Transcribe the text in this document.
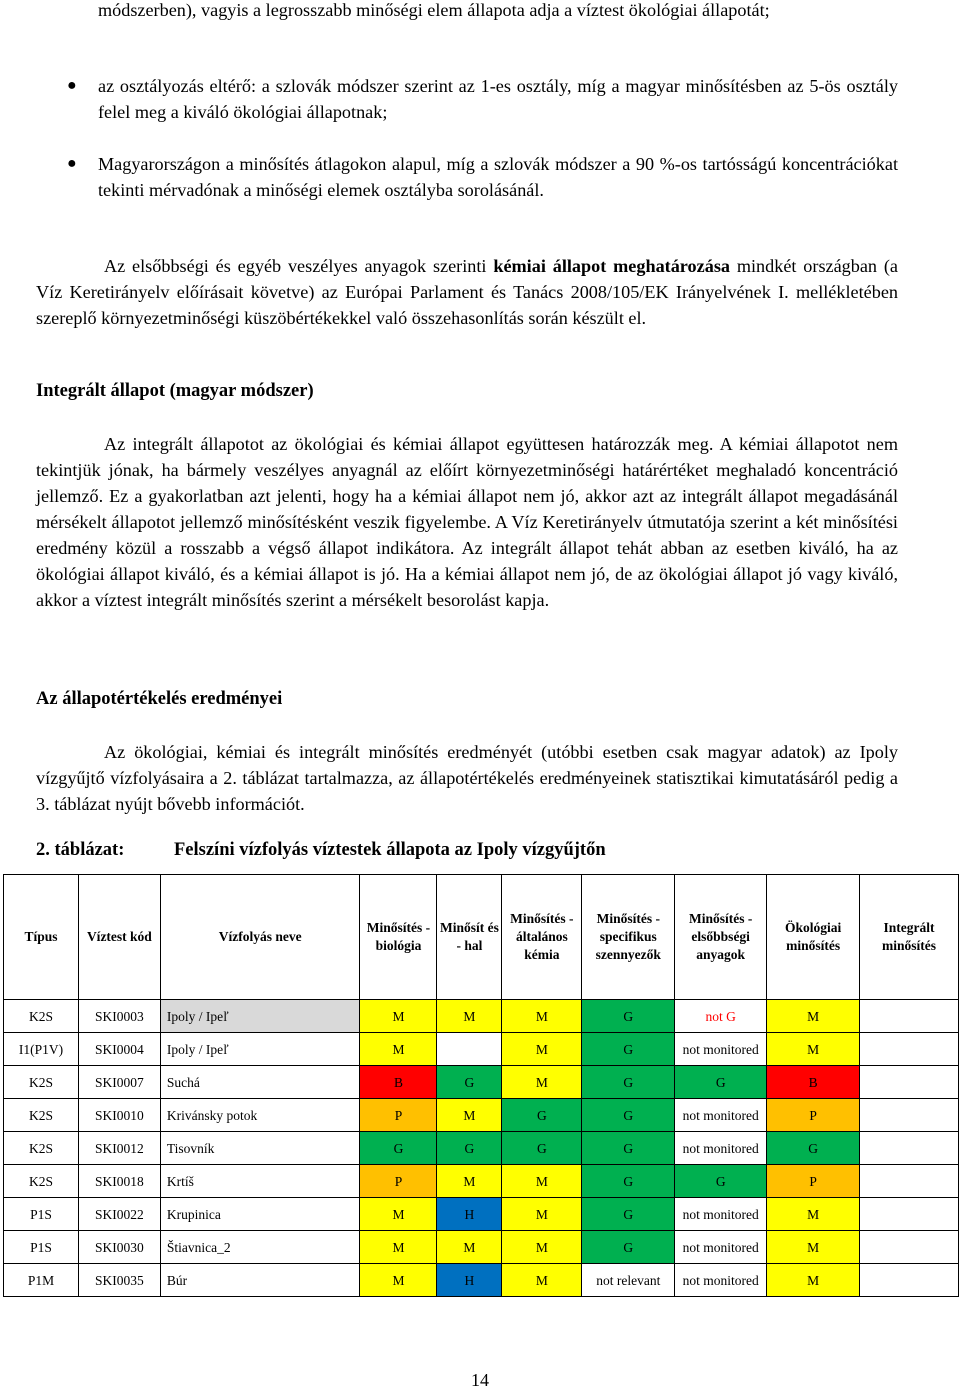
módszerben), vagyis a legrosszabb minőségi elem állapota adja a víztest ökológiai állapotát;

● az osztályozás eltérő: a szlovák módszer szerint az 1-es osztály, míg a magyar minősítésben az 5-ös osztály felel meg a kiváló ökológiai állapotnak;
● Magyarországon a minősítés átlagokon alapul, míg a szlovák módszer a 90 %-os tartósságú koncentrációkat tekinti mérvadónak a minőségi elemek osztályba sorolásánál.

Az elsőbbségi és egyéb veszélyes anyagok szerinti kémiai állapot meghatározása mindkét országban (a Víz Keretirányelv előírásait követve) az Európai Parlament és Tanács 2008/105/EK Irányelvének I. mellékletében szereplő környezetminőségi küszöbértékekkel való összehasonlítás során készült el.

Integrált állapot (magyar módszer)

Az integrált állapotot az ökológiai és kémiai állapot együttesen határozzák meg. A kémiai állapotot nem tekintjük jónak, ha bármely veszélyes anyagnál az előírt környezetminőségi határértéket meghaladó koncentráció jellemző. Ez a gyakorlatban azt jelenti, hogy ha a kémiai állapot nem jó, akkor azt az integrált állapot megadásánál mérsékelt állapotot jellemző minősítésként veszik figyelembe. A Víz Keretirányelv útmutatója szerint a két minősítési eredmény közül a rosszabb a végső állapot indikátora. Az integrált állapot tehát abban az esetben kiváló, ha az ökológiai állapot kiváló, és a kémiai állapot is jó. Ha a kémiai állapot nem jó, de az ökológiai állapot jó vagy kiváló, akkor a víztest integrált minősítés szerint a mérsékelt besorolást kapja.

Az állapotértékelés eredményei

Az ökológiai, kémiai és integrált minősítés eredményét (utóbbi esetben csak magyar adatok) az Ipoly vízgyűjtő vízfolyásaira a 2. táblázat tartalmazza, az állapotértékelés eredményeinek statisztikai kimutatásáról pedig a 3. táblázat nyújt bővebb információt.

2. táblázat:	Felszíni vízfolyás víztestek állapota az Ipoly vízgyűjtőn
Típus	Víztest kód	Vízfolyás neve	Minősítés - biológia	Minősít és - hal	Minősítés - általános kémia	Minősítés - specifikus szennyezők	Minősítés - elsőbbségi anyagok	Ökológiai minősítés	Integrált minősítés
K2S	SKI0003	Ipoly / Ipeľ	M	M	M	G	not G	M	
I1(P1V)	SKI0004	Ipoly / Ipeľ	M		M	G	not monitored	M	
K2S	SKI0007	Suchá	B	G	M	G	G	B	
K2S	SKI0010	Krivánsky potok	P	M	G	G	not monitored	P	
K2S	SKI0012	Tisovník	G	G	G	G	not monitored	G	
K2S	SKI0018	Krtíš	P	M	M	G	G	P	
P1S	SKI0022	Krupinica	M	H	M	G	not monitored	M	
P1S	SKI0030	Štiavnica_2	M	M	M	G	not monitored	M	
P1M	SKI0035	Búr	M	H	M	not relevant	not monitored	M	
14
